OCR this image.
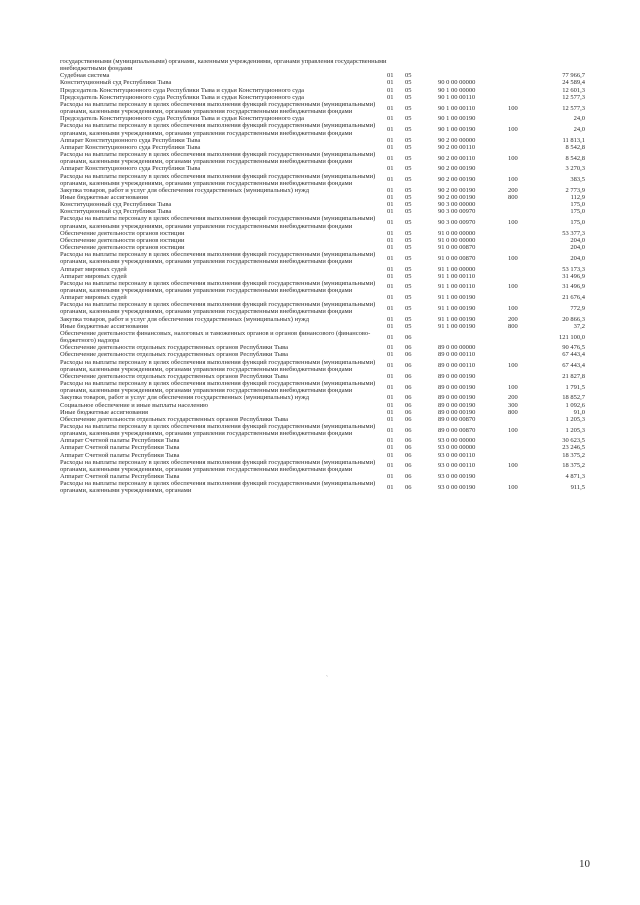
государственными (муниципальными) органами, казенными учреждениями, органами управления государственными внебюджетными фондами					
Судебная система	01	05			77 966,7
Конституционный суд Республики Тыва	01	05	90 0 00 00000		24 589,4
Председатель Конституционного суда Республики Тыва и судьи Конституционного суда	01	05	90 1 00 00000		12 601,3
Председатель Конституционного суда Республики Тыва и судьи Конституционного суда	01	05	90 1 00 00110		12 577,3
Расходы на выплаты персоналу в целях обеспечения выполнения функций государственными (муниципальными) органами, казенными учреждениями, органами управления государственными внебюджетными фондами	01	05	90 1 00 00110	100	12 577,3
Председатель Конституционного суда Республики Тыва и судьи Конституционного суда	01	05	90 1 00 00190		24,0
Расходы на выплаты персоналу в целях обеспечения выполнения функций государственными (муниципальными) органами, казенными учреждениями, органами управления государственными внебюджетными фондами	01	05	90 1 00 00190	100	24,0
Аппарат Конституционного суда Республики Тыва	01	05	90 2 00 00000		11 813,1
Аппарат Конституционного суда Республики Тыва	01	05	90 2 00 00110		8 542,8
Расходы на выплаты персоналу в целях обеспечения выполнения функций государственными (муниципальными) органами, казенными учреждениями, органами управления государственными внебюджетными фондами	01	05	90 2 00 00110	100	8 542,8
Аппарат Конституционного суда Республики Тыва	01	05	90 2 00 00190		3 270,3
Расходы на выплаты персоналу в целях обеспечения выполнения функций государственными (муниципальными) органами, казенными учреждениями, органами управления государственными внебюджетными фондами	01	05	90 2 00 00190	100	383,5
Закупка товаров, работ и услуг для обеспечения государственных (муниципальных) нужд	01	05	90 2 00 00190	200	2 773,9
Иные бюджетные ассигнования	01	05	90 2 00 00190	800	112,9
Конституционный суд Республики Тыва	01	05	90 3 00 00000		175,0
Конституционный суд Республики Тыва	01	05	90 3 00 00970		175,0
Расходы на выплаты персоналу в целях обеспечения выполнения функций государственными (муниципальными) органами, казенными учреждениями, органами управления государственными внебюджетными фондами	01	05	90 3 00 00970	100	175,0
Обеспечение деятельности органов юстиции	01	05	91 0 00 00000		53 377,3
Обеспечение деятельности органов юстиции	01	05	91 0 00 00000		204,0
Обеспечение деятельности органов юстиции	01	05	91 0 00 00870		204,0
Расходы на выплаты персоналу в целях обеспечения выполнения функций государственными (муниципальными) органами, казенными учреждениями, органами управления государственными внебюджетными фондами	01	05	91 0 00 00870	100	204,0
Аппарат мировых судей	01	05	91 1 00 00000		53 173,3
Аппарат мировых судей	01	05	91 1 00 00110		31 496,9
Расходы на выплаты персоналу в целях обеспечения выполнения функций государственными (муниципальными) органами, казенными учреждениями, органами управления государственными внебюджетными фондами	01	05	91 1 00 00110	100	31 496,9
Аппарат мировых судей	01	05	91 1 00 00190		21 676,4
Расходы на выплаты персоналу в целях обеспечения выполнения функций государственными (муниципальными) органами, казенными учреждениями, органами управления государственными внебюджетными фондами	01	05	91 1 00 00190	100	772,9
Закупка товаров, работ и услуг для обеспечения государственных (муниципальных) нужд	01	05	91 1 00 00190	200	20 866,3
Иные бюджетные ассигнования	01	05	91 1 00 00190	800	37,2
Обеспечение деятельности финансовых, налоговых и таможенных органов и органов финансового (финансово-бюджетного) надзора	01	06			121 100,0
Обеспечение деятельности отдельных государственных органов Республики Тыва	01	06	89 0 00 00000		90 476,5
Обеспечение деятельности отдельных государственных органов Республики Тыва	01	06	89 0 00 00110		67 443,4
Расходы на выплаты персоналу в целях обеспечения выполнения функций государственными (муниципальными) органами, казенными учреждениями, органами управления государственными внебюджетными фондами	01	06	89 0 00 00110	100	67 443,4
Обеспечение деятельности отдельных государственных органов Республики Тыва	01	06	89 0 00 00190		21 827,8
Расходы на выплаты персоналу в целях обеспечения выполнения функций государственными (муниципальными) органами, казенными учреждениями, органами управления государственными внебюджетными фондами	01	06	89 0 00 00190	100	1 791,5
Закупка товаров, работ и услуг для обеспечения государственных (муниципальных) нужд	01	06	89 0 00 00190	200	18 852,7
Социальное обеспечение и иные выплаты населению	01	06	89 0 00 00190	300	1 092,6
Иные бюджетные ассигнования	01	06	89 0 00 00190	800	91,0
Обеспечение деятельности отдельных государственных органов Республики Тыва	01	06	89 0 00 00870		1 205,3
Расходы на выплаты персоналу в целях обеспечения выполнения функций государственными (муниципальными) органами, казенными учреждениями, органами управления государственными внебюджетными фондами	01	06	89 0 00 00870	100	1 205,3
Аппарат Счетной палаты Республики Тыва	01	06	93 0 00 00000		30 623,5
Аппарат Счетной палаты Республики Тыва	01	06	93 0 00 00000		23 246,5
Аппарат Счетной палаты Республики Тыва	01	06	93 0 00 00110		18 375,2
Расходы на выплаты персоналу в целях обеспечения выполнения функций государственными (муниципальными) органами, казенными учреждениями, органами управления государственными внебюджетными фондами	01	06	93 0 00 00110	100	18 375,2
Аппарат Счетной палаты Республики Тыва	01	06	93 0 00 00190		4 871,3
Расходы на выплаты персоналу в целях обеспечения выполнения функций государственными (муниципальными) органами, казенными учреждениями, органами	01	06	93 0 00 00190	100	911,5
`
10
